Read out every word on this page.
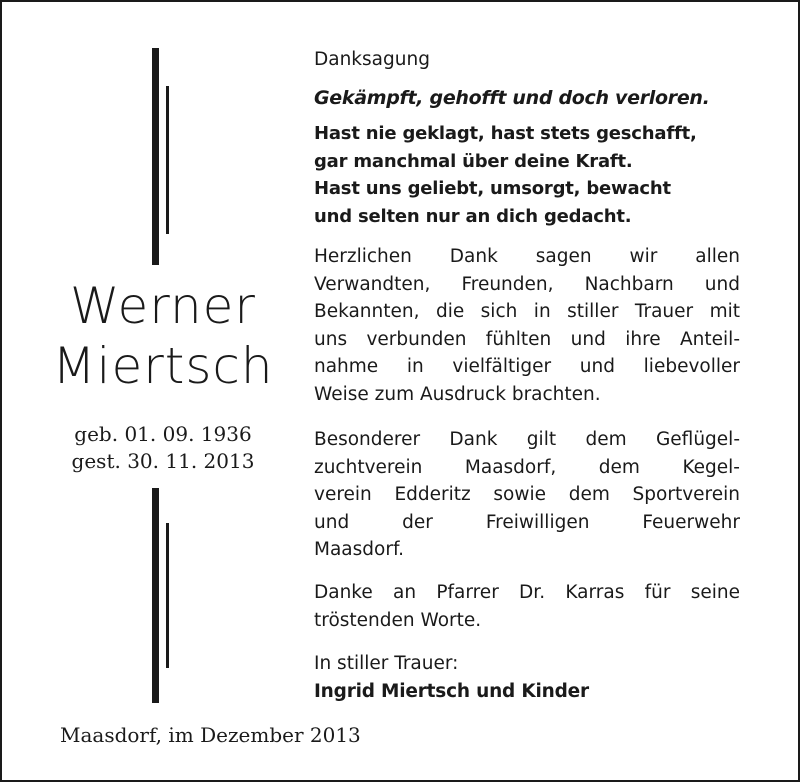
Werner
Miertsch
geb. 01. 09. 1936
gest. 30. 11. 2013
Maasdorf, im Dezember 2013
Danksagung
Gekämpft, gehofft und doch verloren.
Hast nie geklagt, hast stets geschafft,
gar manchmal über deine Kraft.
Hast uns geliebt, umsorgt, bewacht
und selten nur an dich gedacht.
Herzlichen Dank sagen wir allen
Verwandten, Freunden, Nachbarn und
Bekannten, die sich in stiller Trauer mit
uns verbunden fühlten und ihre Anteil-
nahme in vielfältiger und liebevoller
Weise zum Ausdruck brachten.
Besonderer Dank gilt dem Geflügel-
zuchtverein Maasdorf, dem Kegel-
verein Edderitz sowie dem Sportverein
und der Freiwilligen Feuerwehr
Maasdorf.
Danke an Pfarrer Dr. Karras für seine
tröstenden Worte.
In stiller Trauer:
Ingrid Miertsch und Kinder
